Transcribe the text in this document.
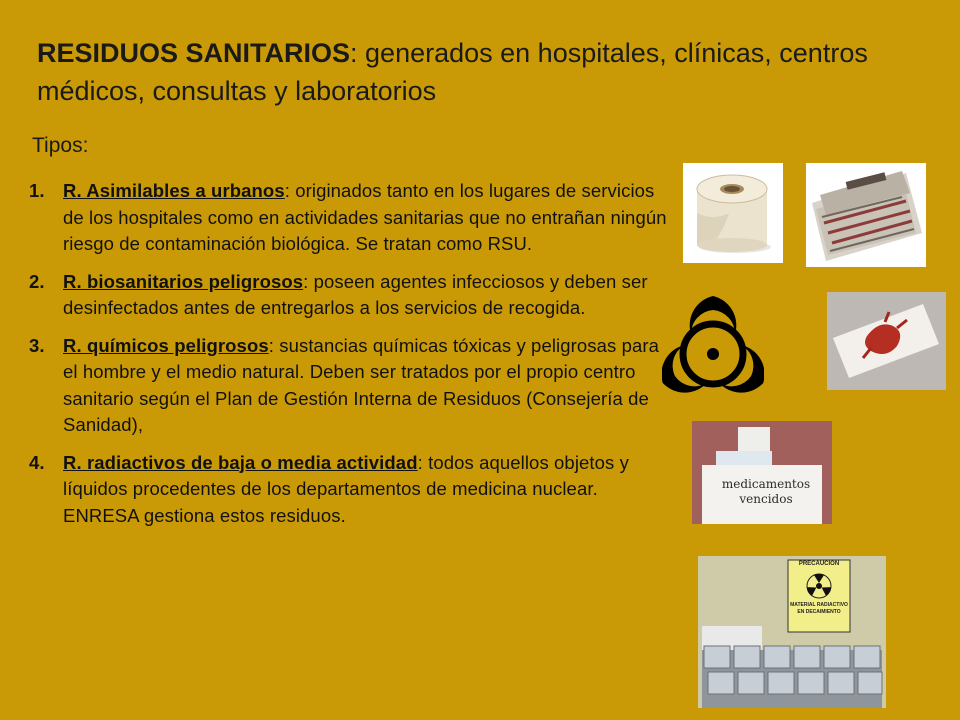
RESIDUOS SANITARIOS: generados en hospitales, clínicas, centros médicos, consultas y laboratorios
Tipos:
1. R. Asimilables a urbanos: originados tanto en los lugares de servicios de los hospitales como en actividades sanitarias que no entrañan ningún riesgo de contaminación biológica. Se tratan como RSU.
2. R. biosanitarios peligrosos: poseen agentes infecciosos y deben ser desinfectados antes de entregarlos a los servicios de recogida.
3. R. químicos peligrosos: sustancias químicas tóxicas y peligrosas para el hombre y el medio natural. Deben ser tratados por el propio centro sanitario según el Plan de Gestión Interna de Residuos (Consejería de Sanidad),
4. R. radiactivos de baja o media actividad: todos aquellos objetos y líquidos procedentes de los departamentos de medicina nuclear. ENRESA gestiona estos residuos.
medicamentos
vencidos
PRECAUCION
MATERIAL RADIACTIVO
EN DECAIMIENTO
